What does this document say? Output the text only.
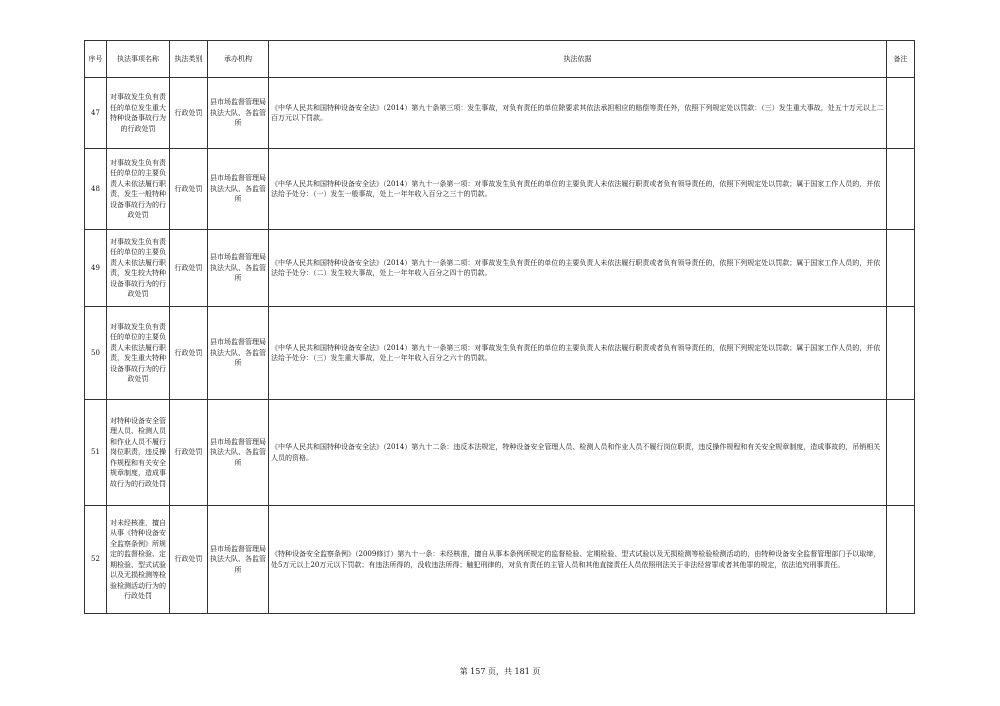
序号	执法事项名称	执法类别	承办机构	执法依据	备注
47	对事故发生负有责任的单位发生重大特种设备事故行为的行政处罚	行政处罚	县市场监督管理局执法大队、各监管所	《中华人民共和国特种设备安全法》（2014）第九十条第三项：发生事故，对负有责任的单位除要求其依法承担相应的赔偿等责任外，依照下列规定处以罚款：（三）发生重大事故，处五十万元以上二百万元以下罚款。	
48	对事故发生负有责任的单位的主要负责人未依法履行职责，发生一般特种设备事故行为的行政处罚	行政处罚	县市场监督管理局执法大队、各监管所	《中华人民共和国特种设备安全法》（2014）第九十一条第一项：对事故发生负有责任的单位的主要负责人未依法履行职责或者负有领导责任的，依照下列规定处以罚款；属于国家工作人员的，并依法给予处分：（一）发生一般事故，处上一年年收入百分之三十的罚款。	
49	对事故发生负有责任的单位的主要负责人未依法履行职责，发生较大特种设备事故行为的行政处罚	行政处罚	县市场监督管理局执法大队、各监管所	《中华人民共和国特种设备安全法》（2014）第九十一条第二项：对事故发生负有责任的单位的主要负责人未依法履行职责或者负有领导责任的，依照下列规定处以罚款；属于国家工作人员的，并依法给予处分：（二）发生较大事故，处上一年年收入百分之四十的罚款。	
50	对事故发生负有责任的单位的主要负责人未依法履行职责，发生重大特种设备事故行为的行政处罚	行政处罚	县市场监督管理局执法大队、各监管所	《中华人民共和国特种设备安全法》（2014）第九十一条第三项：对事故发生负有责任的单位的主要负责人未依法履行职责或者负有领导责任的，依照下列规定处以罚款；属于国家工作人员的，并依法给予处分：（三）发生重大事故，处上一年年收入百分之六十的罚款。	
51	对特种设备安全管理人员、检测人员和作业人员不履行岗位职责，违反操作规程和有关安全规章制度，造成事故行为的行政处罚	行政处罚	县市场监督管理局执法大队、各监管所	《中华人民共和国特种设备安全法》（2014）第九十二条：违反本法规定，特种设备安全管理人员、检测人员和作业人员不履行岗位职责，违反操作规程和有关安全规章制度，造成事故的，吊销相关人员的资格。	
52	对未经核准，擅自从事《特种设备安全监察条例》所规定的监督检验、定期检验、型式试验以及无损检测等检验检测活动行为的行政处罚	行政处罚	县市场监督管理局执法大队、各监管所	《特种设备安全监察条例》（2009修订）第九十一条：未经核准，擅自从事本条例所规定的监督检验、定期检验、型式试验以及无损检测等检验检测活动的，由特种设备安全监督管理部门予以取缔，处5万元以上20万元以下罚款；有违法所得的，没收违法所得；触犯刑律的，对负有责任的主管人员和其他直接责任人员依照刑法关于非法经营罪或者其他罪的规定，依法追究刑事责任。	
第 157 页，共 181 页
